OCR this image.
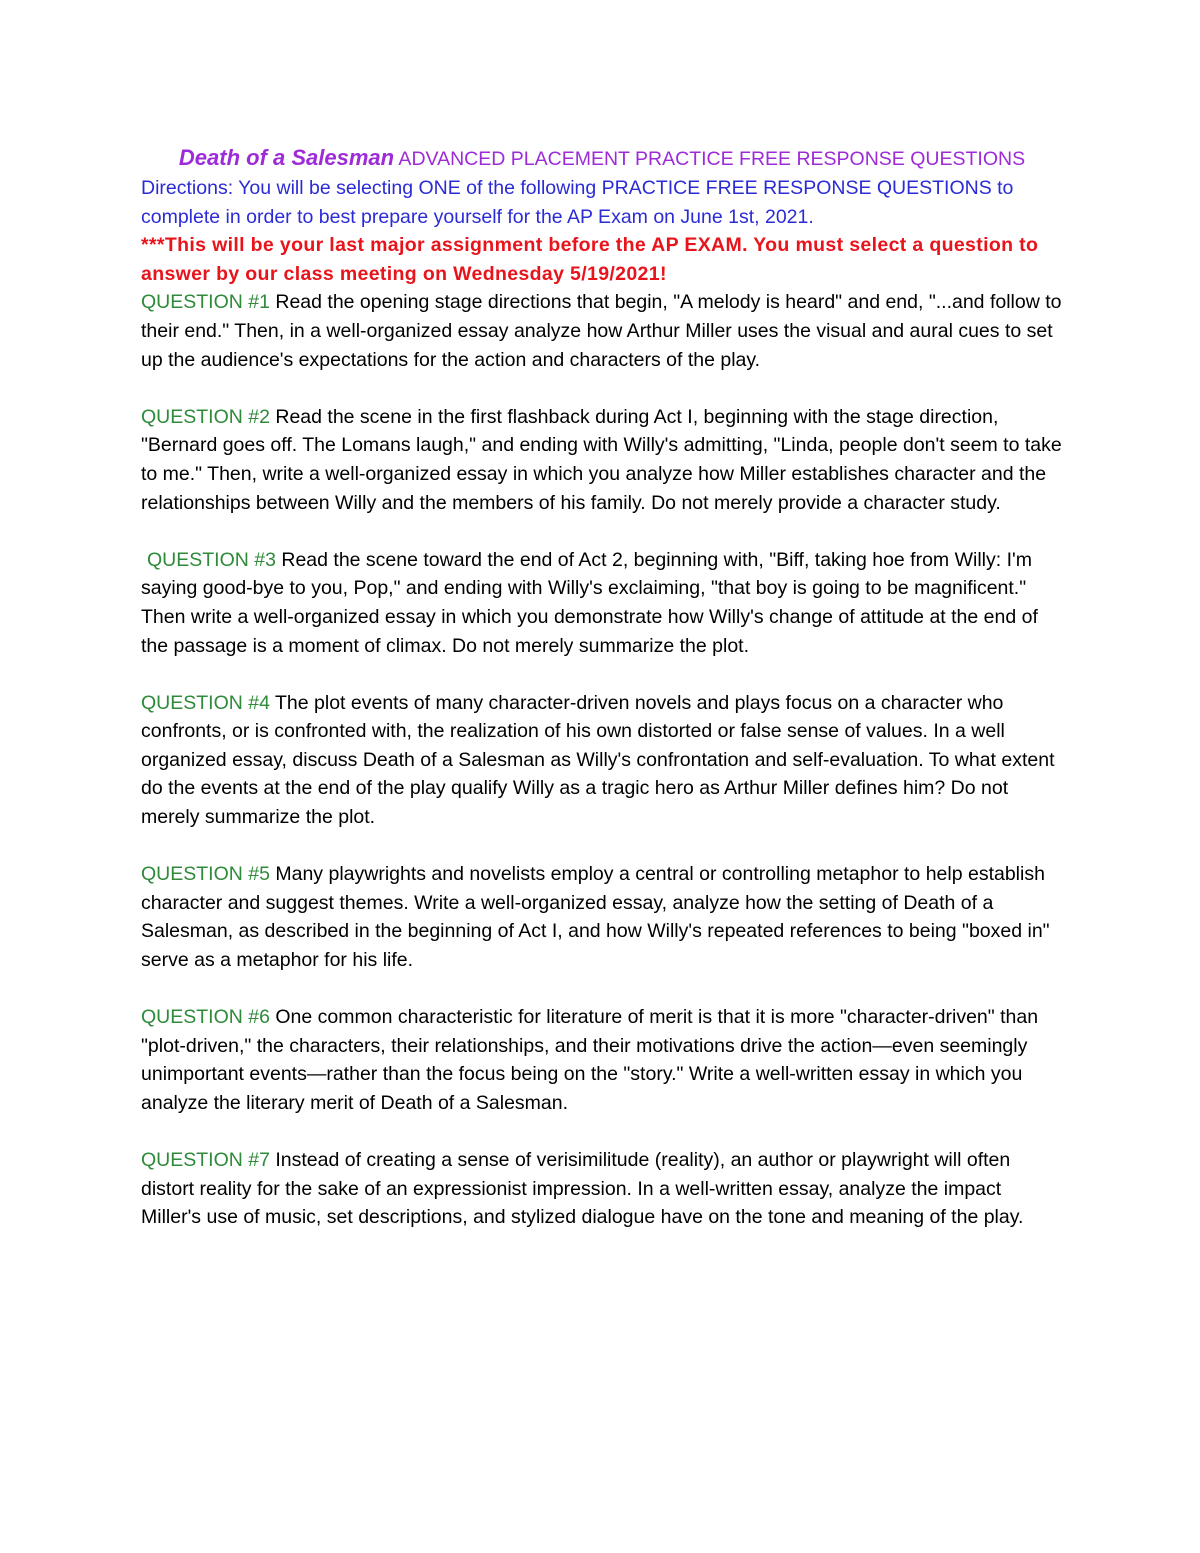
Death of a Salesman ADVANCED PLACEMENT PRACTICE FREE RESPONSE QUESTIONS

Directions: You will be selecting ONE of the following PRACTICE FREE RESPONSE QUESTIONS to complete in order to best prepare yourself for the AP Exam on June 1st, 2021.

***This will be your last major assignment before the AP EXAM. You must select a question to answer by our class meeting on Wednesday 5/19/2021!

QUESTION #1 Read the opening stage directions that begin, "A melody is heard" and end, "...and follow to their end." Then, in a well-organized essay analyze how Arthur Miller uses the visual and aural cues to set up the audience's expectations for the action and characters of the play.

QUESTION #2 Read the scene in the first flashback during Act I, beginning with the stage direction, "Bernard goes off. The Lomans laugh," and ending with Willy's admitting, "Linda, people don't seem to take to me." Then, write a well-organized essay in which you analyze how Miller establishes character and the relationships between Willy and the members of his family. Do not merely provide a character study.

QUESTION #3 Read the scene toward the end of Act 2, beginning with, "Biff, taking hoe from Willy: I'm saying good-bye to you, Pop," and ending with Willy's exclaiming, "that boy is going to be magnificent." Then write a well-organized essay in which you demonstrate how Willy's change of attitude at the end of the passage is a moment of climax. Do not merely summarize the plot.

QUESTION #4 The plot events of many character-driven novels and plays focus on a character who confronts, or is confronted with, the realization of his own distorted or false sense of values. In a well organized essay, discuss Death of a Salesman as Willy's confrontation and self-evaluation. To what extent do the events at the end of the play qualify Willy as a tragic hero as Arthur Miller defines him? Do not merely summarize the plot.

QUESTION #5 Many playwrights and novelists employ a central or controlling metaphor to help establish character and suggest themes. Write a well-organized essay, analyze how the setting of Death of a Salesman, as described in the beginning of Act I, and how Willy's repeated references to being "boxed in" serve as a metaphor for his life.

QUESTION #6 One common characteristic for literature of merit is that it is more "character-driven" than "plot-driven," the characters, their relationships, and their motivations drive the action—even seemingly unimportant events—rather than the focus being on the "story." Write a well-written essay in which you analyze the literary merit of Death of a Salesman.

QUESTION #7 Instead of creating a sense of verisimilitude (reality), an author or playwright will often distort reality for the sake of an expressionist impression. In a well-written essay, analyze the impact Miller's use of music, set descriptions, and stylized dialogue have on the tone and meaning of the play.
